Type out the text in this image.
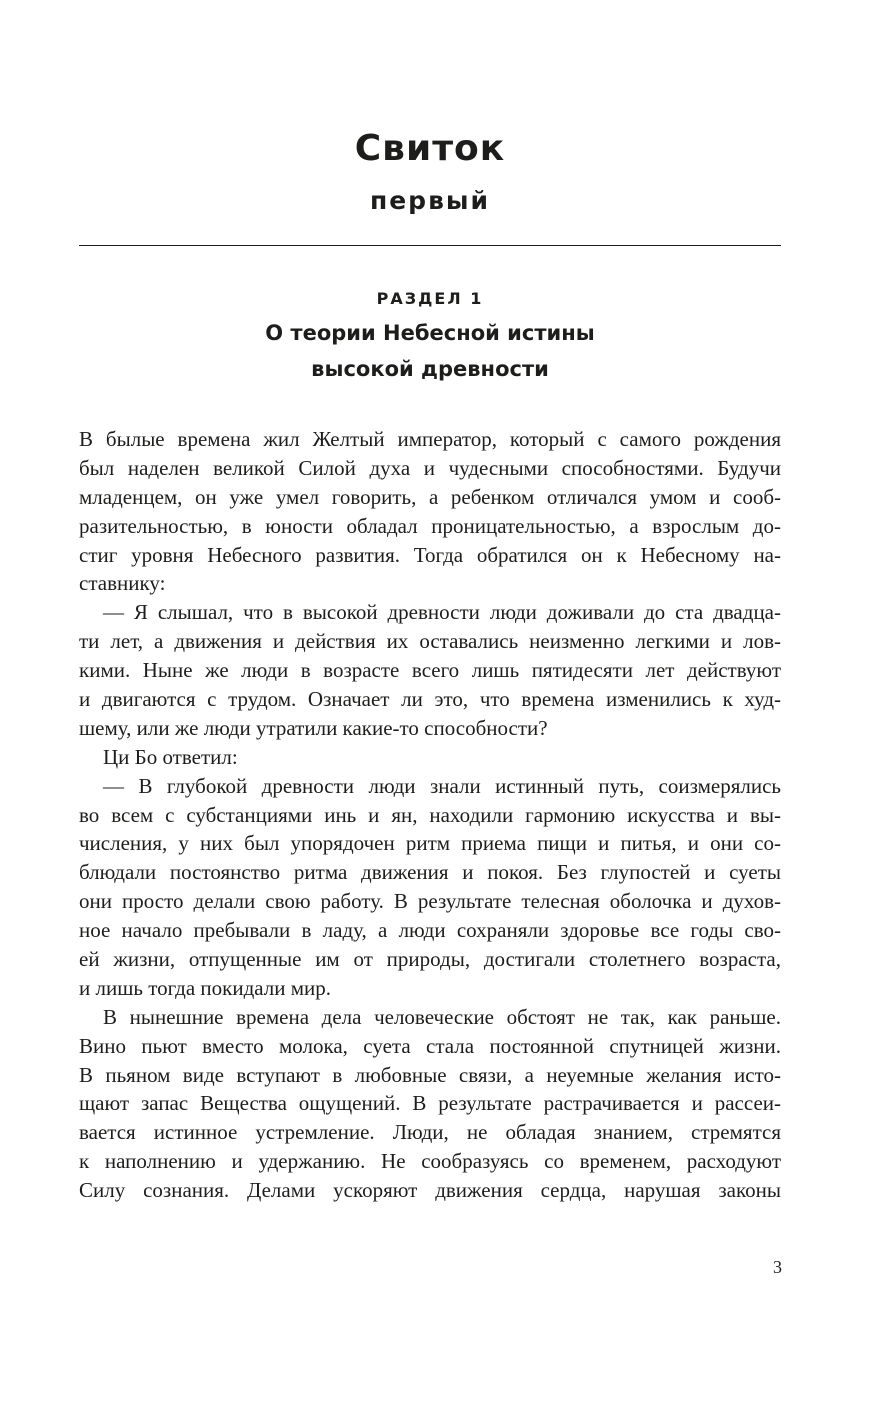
Свиток
первый
РАЗДЕЛ 1
О теории Небесной истины
высокой древности
В былые времена жил Желтый император, который с самого рождения
был наделен великой Силой духа и чудесными способностями. Будучи
младенцем, он уже умел говорить, а ребенком отличался умом и сооб-
разительностью, в юности обладал проницательностью, а взрослым до-
стиг уровня Небесного развития. Тогда обратился он к Небесному на-
ставнику:
— Я слышал, что в высокой древности люди доживали до ста двадца-
ти лет, а движения и действия их оставались неизменно легкими и лов-
кими. Ныне же люди в возрасте всего лишь пятидесяти лет действуют
и двигаются с трудом. Означает ли это, что времена изменились к худ-
шему, или же люди утратили какие-то способности?
Ци Бо ответил:
— В глубокой древности люди знали истинный путь, соизмерялись
во всем с субстанциями инь и ян, находили гармонию искусства и вы-
числения, у них был упорядочен ритм приема пищи и питья, и они со-
блюдали постоянство ритма движения и покоя. Без глупостей и суеты
они просто делали свою работу. В результате телесная оболочка и духов-
ное начало пребывали в ладу, а люди сохраняли здоровье все годы сво-
ей жизни, отпущенные им от природы, достигали столетнего возраста,
и лишь тогда покидали мир.
В нынешние времена дела человеческие обстоят не так, как раньше.
Вино пьют вместо молока, суета стала постоянной спутницей жизни.
В пьяном виде вступают в любовные связи, а неуемные желания исто-
щают запас Вещества ощущений. В результате растрачивается и рассеи-
вается истинное устремление. Люди, не обладая знанием, стремятся
к наполнению и удержанию. Не сообразуясь со временем, расходуют
Силу сознания. Делами ускоряют движения сердца, нарушая законы
3
